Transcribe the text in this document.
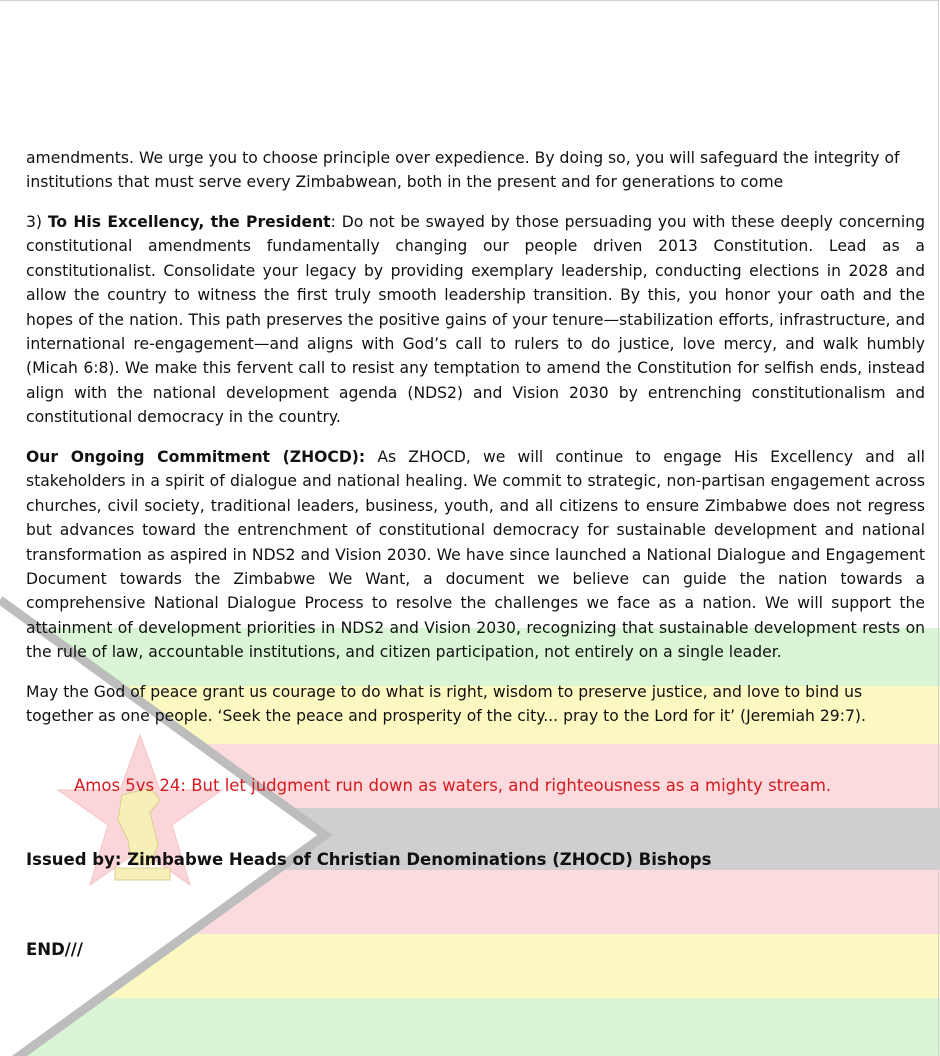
amendments. We urge you to choose principle over expedience. By doing so, you will safeguard the integrity of institutions that must serve every Zimbabwean, both in the present and for generations to come

3) To His Excellency, the President: Do not be swayed by those persuading you with these deeply concerning constitutional amendments fundamentally changing our people driven 2013 Constitution. Lead as a constitutionalist. Consolidate your legacy by providing exemplary leadership, conducting elections in 2028 and allow the country to witness the first truly smooth leadership transition. By this, you honor your oath and the hopes of the nation. This path preserves the positive gains of your tenure—stabilization efforts, infrastructure, and international re-engagement—and aligns with God’s call to rulers to do justice, love mercy, and walk humbly (Micah 6:8). We make this fervent call to resist any temptation to amend the Constitution for selfish ends, instead align with the national development agenda (NDS2) and Vision 2030 by entrenching constitutionalism and constitutional democracy in the country.

Our Ongoing Commitment (ZHOCD): As ZHOCD, we will continue to engage His Excellency and all stakeholders in a spirit of dialogue and national healing. We commit to strategic, non-partisan engagement across churches, civil society, traditional leaders, business, youth, and all citizens to ensure Zimbabwe does not regress but advances toward the entrenchment of constitutional democracy for sustainable development and national transformation as aspired in NDS2 and Vision 2030. We have since launched a National Dialogue and Engagement Document towards the Zimbabwe We Want, a document we believe can guide the nation towards a comprehensive National Dialogue Process to resolve the challenges we face as a nation. We will support the attainment of development priorities in NDS2 and Vision 2030, recognizing that sustainable development rests on the rule of law, accountable institutions, and citizen participation, not entirely on a single leader.

May the God of peace grant us courage to do what is right, wisdom to preserve justice, and love to bind us together as one people. ‘Seek the peace and prosperity of the city... pray to the Lord for it’ (Jeremiah 29:7).

Amos 5vs 24: But let judgment run down as waters, and righteousness as a mighty stream.

Issued by: Zimbabwe Heads of Christian Denominations (ZHOCD) Bishops

END///
